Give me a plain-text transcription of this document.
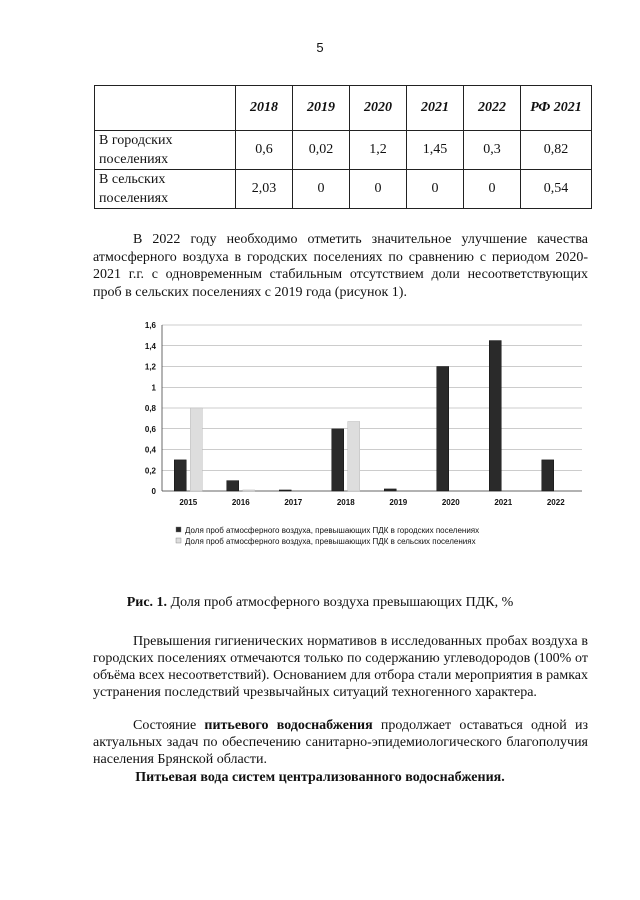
5
	2018	2019	2020	2021	2022	РФ 2021
В городских поселениях	0,6	0,02	1,2	1,45	0,3	0,82
В сельских поселениях	2,03	0	0	0	0	0,54
В 2022 году необходимо отметить значительное улучшение качества атмосферного воздуха в городских поселениях по сравнению с периодом 2020-2021 г.г. с одновременным стабильным отсутствием доли несоответствующих проб в сельских поселениях с 2019 года (рисунок 1).
0
0,2
0,4
0,6
0,8
1
1,2
1,4
1,6
2015	2016	2017	2018	2019	2020	2021	2022
Доля проб атмосферного воздуха, превышающих ПДК в городских поселениях
Доля проб атмосферного воздуха, превышающих ПДК в сельских поселениях
Рис. 1. Доля проб атмосферного воздуха превышающих ПДК, %
Превышения гигиенических нормативов в исследованных пробах воздуха в городских поселениях отмечаются только по содержанию углеводородов (100% от объёма всех несоответствий). Основанием для отбора стали мероприятия в рамках устранения последствий чрезвычайных ситуаций техногенного характера.
Состояние питьевого водоснабжения продолжает оставаться одной из актуальных задач по обеспечению санитарно-эпидемиологического благополучия населения Брянской области.
Питьевая вода систем централизованного водоснабжения.
